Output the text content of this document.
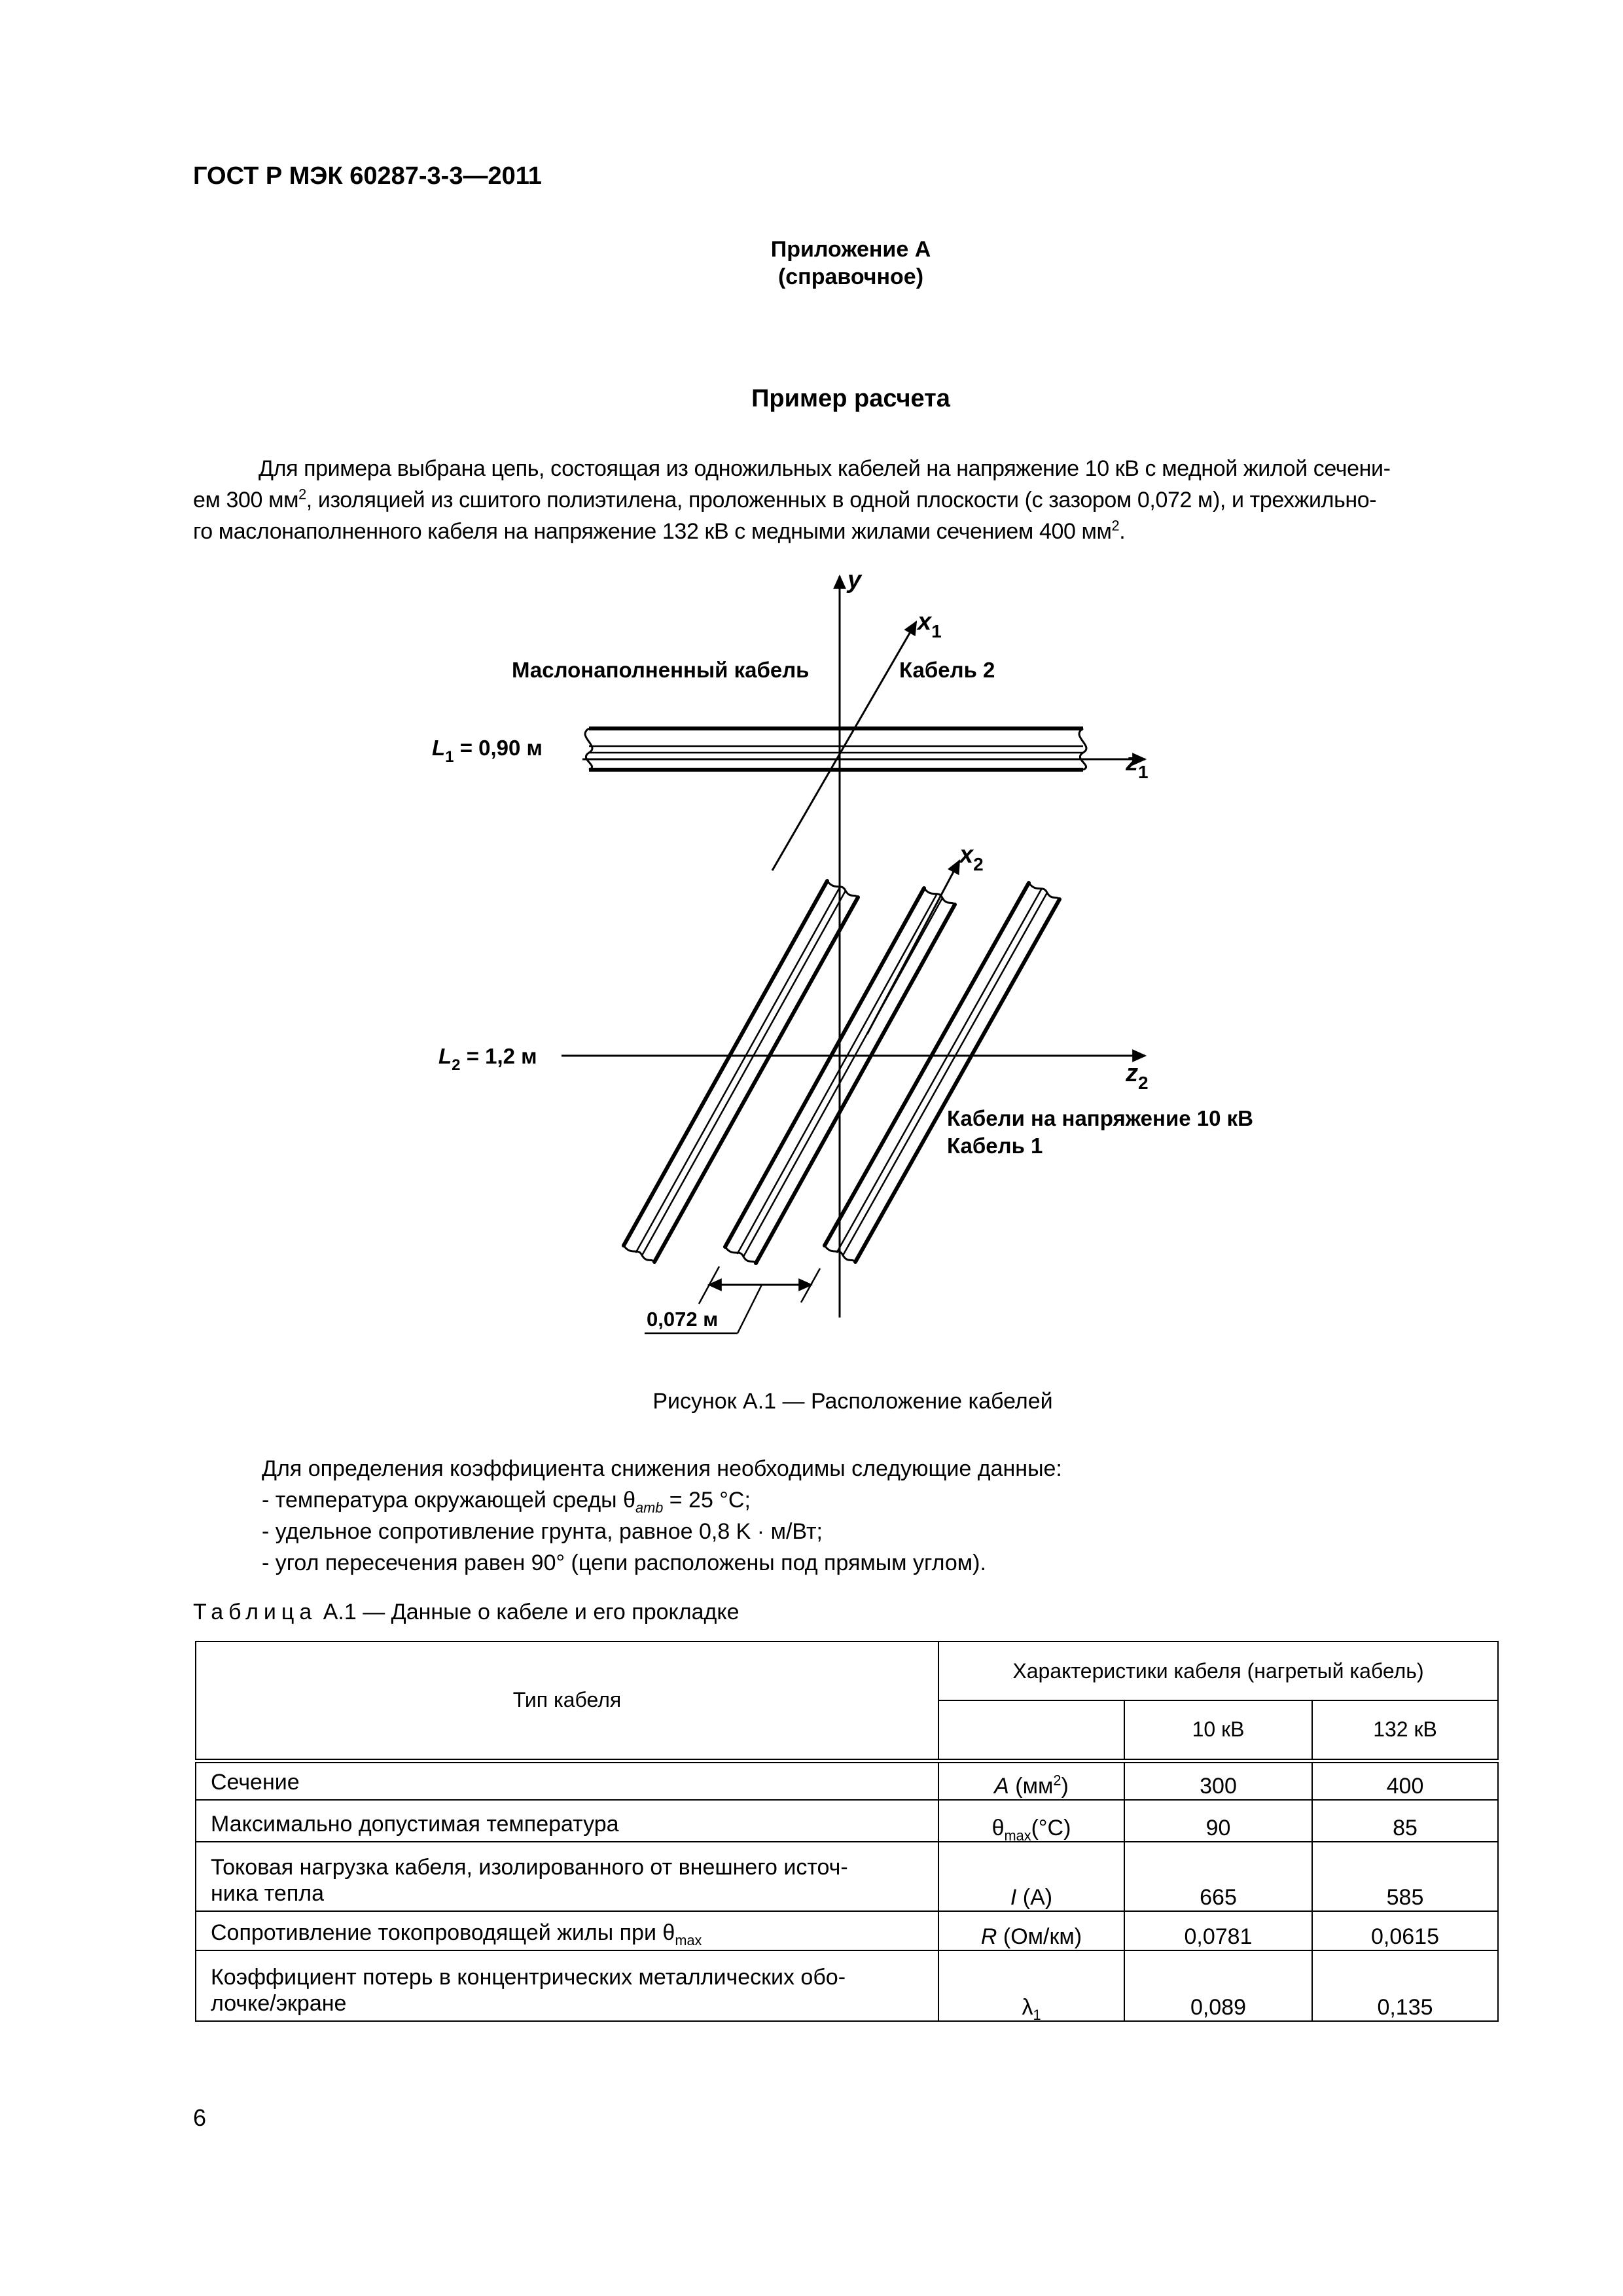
ГОСТ Р МЭК 60287-3-3—2011
Приложение А
(справочное)
Пример расчета
Для примера выбрана цепь, состоящая из одножильных кабелей на напряжение 10 кВ с медной жилой сечени-
ем 300 $мм^2$, изоляцией из сшитого полиэтилена, проложенных в одной плоскости (с зазором 0,072 м), и трехжильно-
го маслонаполненного кабеля на напряжение 132 кВ с медными жилами сечением 400 $мм^2$.
y
$x_1$
$x_2$
$z_1$
$z_2$
Маслонаполненный кабель	Кабель 2
$L_1 = 0,90$ м
$L_2 = 1,2$ м
Кабели на напряжение 10 кВ
Кабель 1
0,072 м
Рисунок А.1 — Расположение кабелей
Для определения коэффициента снижения необходимы следующие данные:
- температура окружающей среды $\theta_{amb} = 25$ °C;
- удельное сопротивление грунта, равное 0,8 K · м/Вт;
- угол пересечения равен 90° (цепи расположены под прямым углом).
Таблица А.1 — Данные о кабеле и его прокладке
Тип кабеля	Характеристики кабеля (нагретый кабель)		
		10 кВ	132 кВ
Сечение	A $(мм^2)$	300	400
Максимально допустимая температура	$\theta_{max}(^\circ C)$	90	85
Токовая нагрузка кабеля, изолированного от внешнего источ-
ника тепла	I (A)	665	585
Сопротивление токопроводящей жилы при $\theta_{max}$	R (Ом/км)	0,0781	0,0615
Коэффициент потерь в концентрических металлических обо-
лочке/экране	$\lambda_1$	0,089	0,135
6
